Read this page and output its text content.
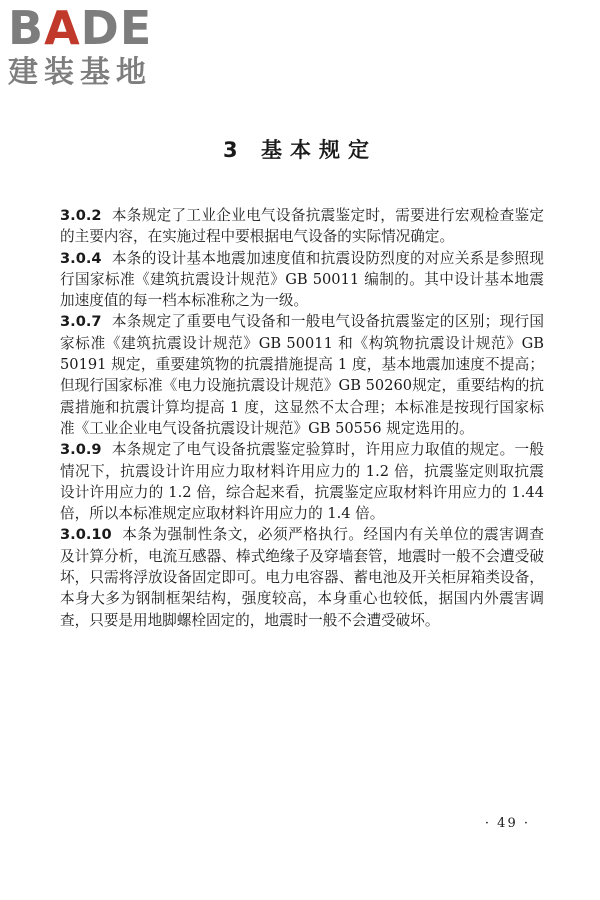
BADE
建装基地
3 基本规定

3.0.2 本条规定了工业企业电气设备抗震鉴定时，需要进行宏观检查鉴定的主要内容，在实施过程中要根据电气设备的实际情况确定。

3.0.4 本条的设计基本地震加速度值和抗震设防烈度的对应关系是参照现行国家标准《建筑抗震设计规范》GB 50011 编制的。其中设计基本地震加速度值的每一档本标准称之为一级。

3.0.7 本条规定了重要电气设备和一般电气设备抗震鉴定的区别；现行国家标准《建筑抗震设计规范》GB 50011 和《构筑物抗震设计规范》GB 50191 规定，重要建筑物的抗震措施提高 1 度，基本地震加速度不提高；但现行国家标准《电力设施抗震设计规范》GB 50260规定，重要结构的抗震措施和抗震计算均提高 1 度，这显然不太合理；本标准是按现行国家标准《工业企业电气设备抗震设计规范》GB 50556 规定选用的。

3.0.9 本条规定了电气设备抗震鉴定验算时，许用应力取值的规定。一般情况下，抗震设计许用应力取材料许用应力的 1.2 倍，抗震鉴定则取抗震设计许用应力的 1.2 倍，综合起来看，抗震鉴定应取材料许用应力的 1.44 倍，所以本标准规定应取材料许用应力的 1.4 倍。

3.0.10 本条为强制性条文，必须严格执行。经国内有关单位的震害调查及计算分析，电流互感器、棒式绝缘子及穿墙套管，地震时一般不会遭受破坏，只需将浮放设备固定即可。电力电容器、蓄电池及开关柜屏箱类设备，本身大多为钢制框架结构，强度较高，本身重心也较低，据国内外震害调查，只要是用地脚螺栓固定的，地震时一般不会遭受破坏。

· 49 ·
